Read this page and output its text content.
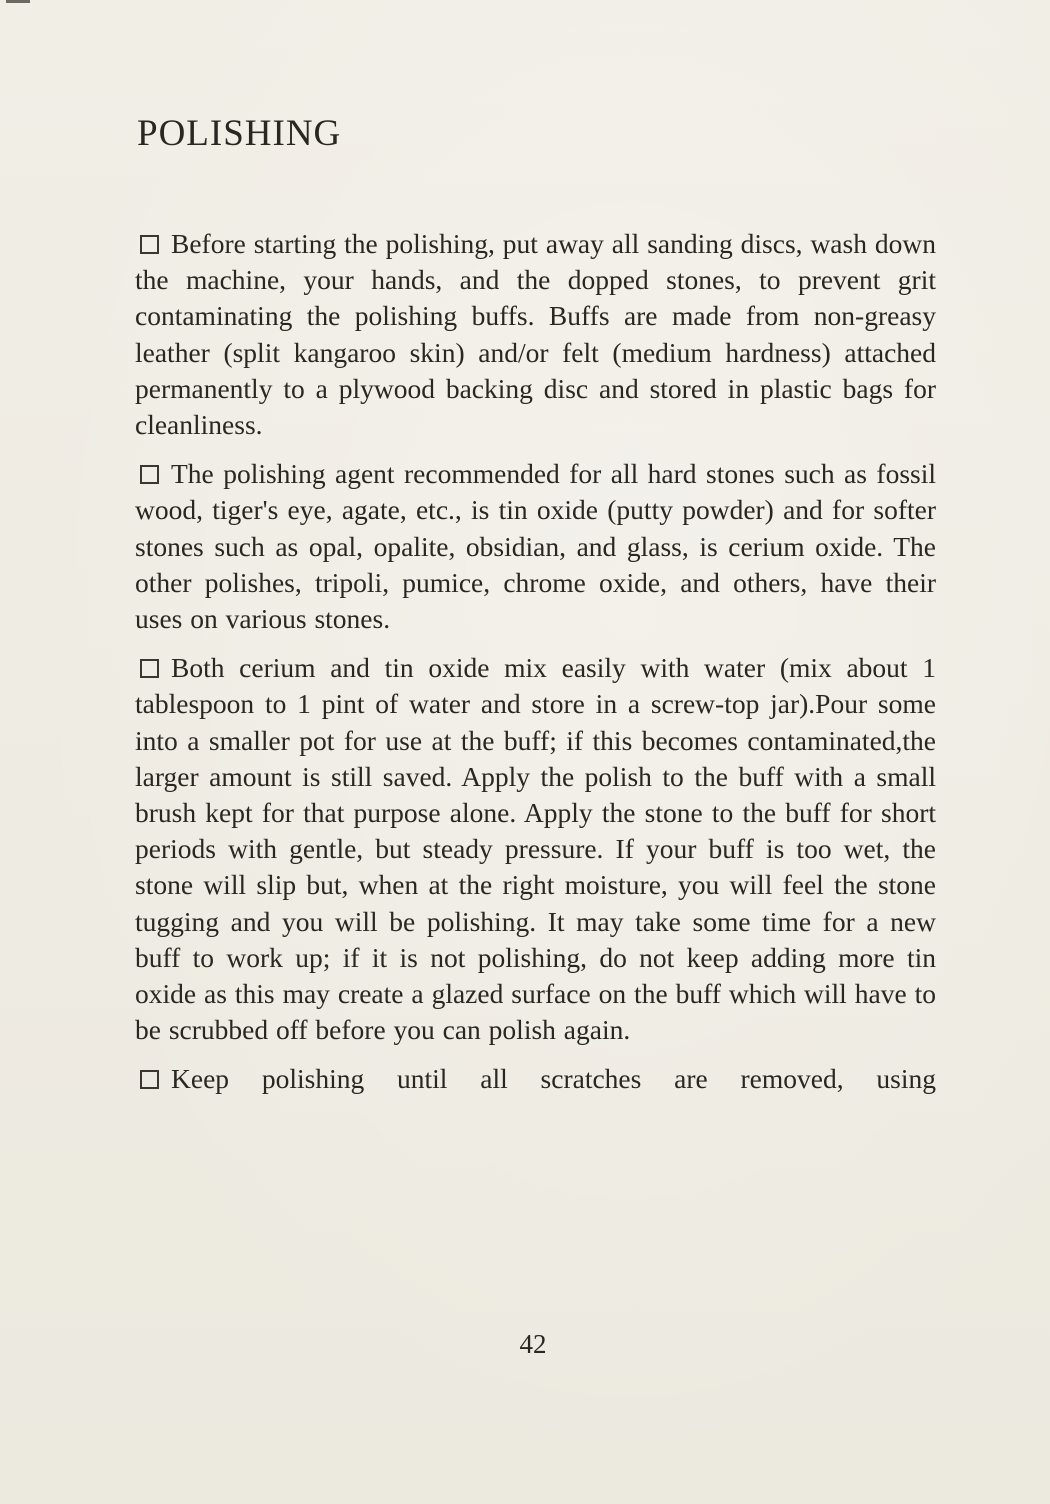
POLISHING

Before starting the polishing, put away all sanding discs, wash down the machine, your hands, and the dopped stones, to prevent grit contaminating the polishing buffs. Buffs are made from non-greasy leather (split kangaroo skin) and/or felt (medium hardness) attached permanently to a plywood backing disc and stored in plastic bags for cleanliness.

The polishing agent recommended for all hard stones such as fossil wood, tiger's eye, agate, etc., is tin oxide (putty powder) and for softer stones such as opal, opalite, obsidian, and glass, is cerium oxide. The other polishes, tripoli, pumice, chrome oxide, and others, have their uses on various stones.

Both cerium and tin oxide mix easily with water (mix about 1 tablespoon to 1 pint of water and store in a screw-top jar).Pour some into a smaller pot for use at the buff; if this becomes contaminated,the larger amount is still saved. Apply the polish to the buff with a small brush kept for that purpose alone. Apply the stone to the buff for short periods with gentle, but steady pressure. If your buff is too wet, the stone will slip but, when at the right moisture, you will feel the stone tugging and you will be polishing. It may take some time for a new buff to work up; if it is not polishing, do not keep adding more tin oxide as this may create a glazed surface on the buff which will have to be scrubbed off before you can polish again.

Keep polishing until all scratches are removed, using

42
